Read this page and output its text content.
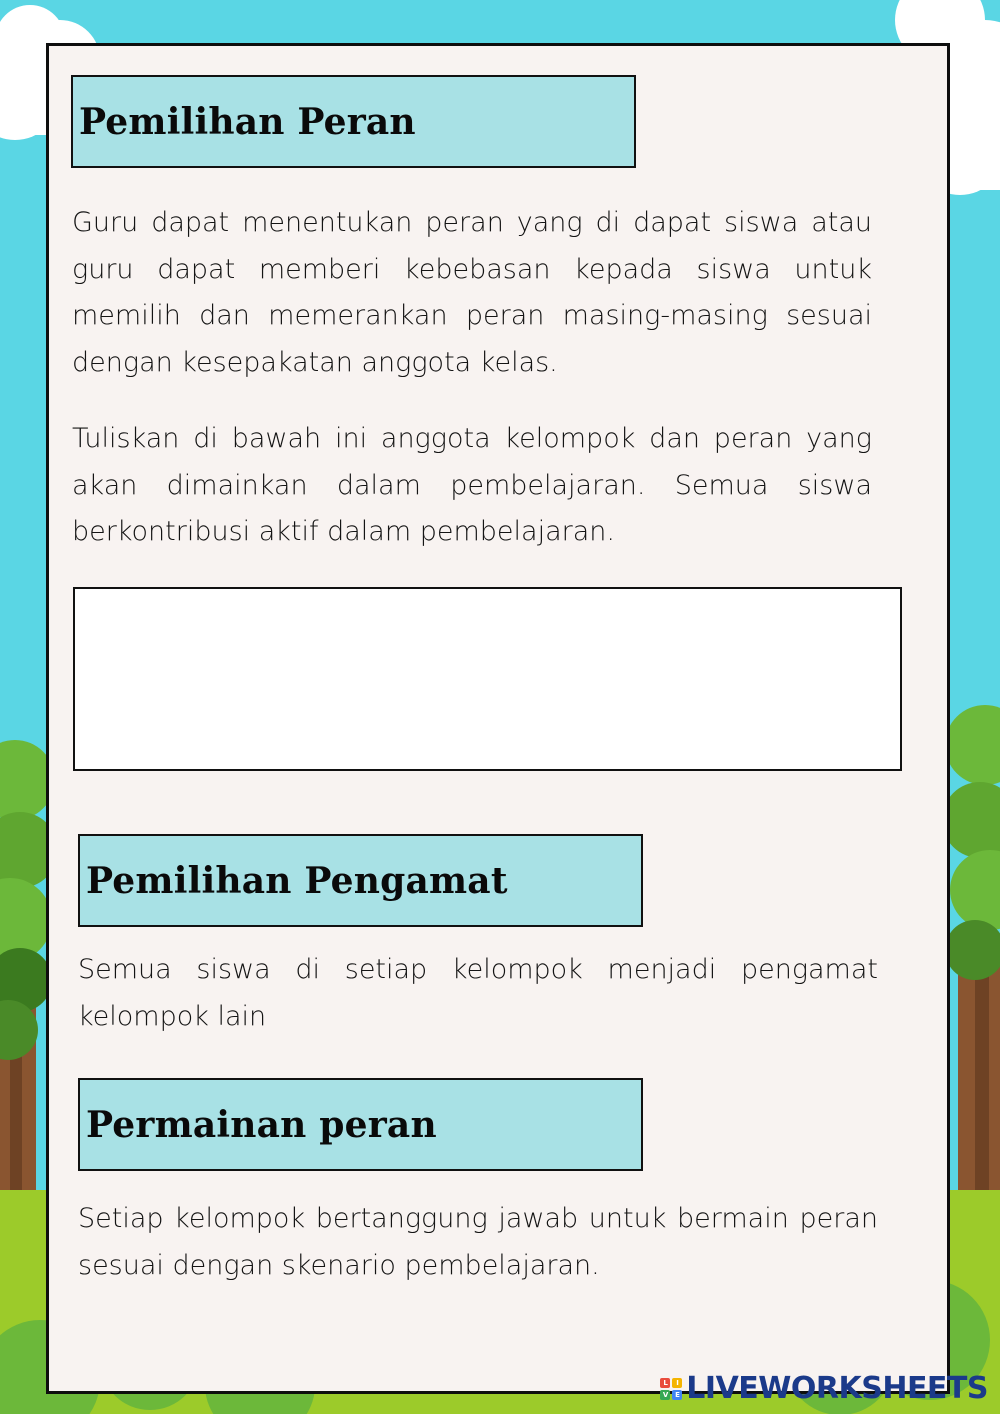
Pemilihan Peran

Guru dapat menentukan peran yang di dapat siswa atau guru dapat memberi kebebasan kepada siswa untuk memilih dan memerankan peran masing-masing sesuai dengan kesepakatan anggota kelas.

Tuliskan di bawah ini anggota kelompok dan peran yang akan dimainkan dalam pembelajaran. Semua siswa berkontribusi aktif dalam pembelajaran.

Pemilihan Pengamat

Semua siswa di setiap kelompok menjadi pengamat kelompok lain

Permainan peran

Setiap kelompok bertanggung jawab untuk bermain peran sesuai dengan skenario pembelajaran.

L	I
V	E LIVEWORKSHEETS
